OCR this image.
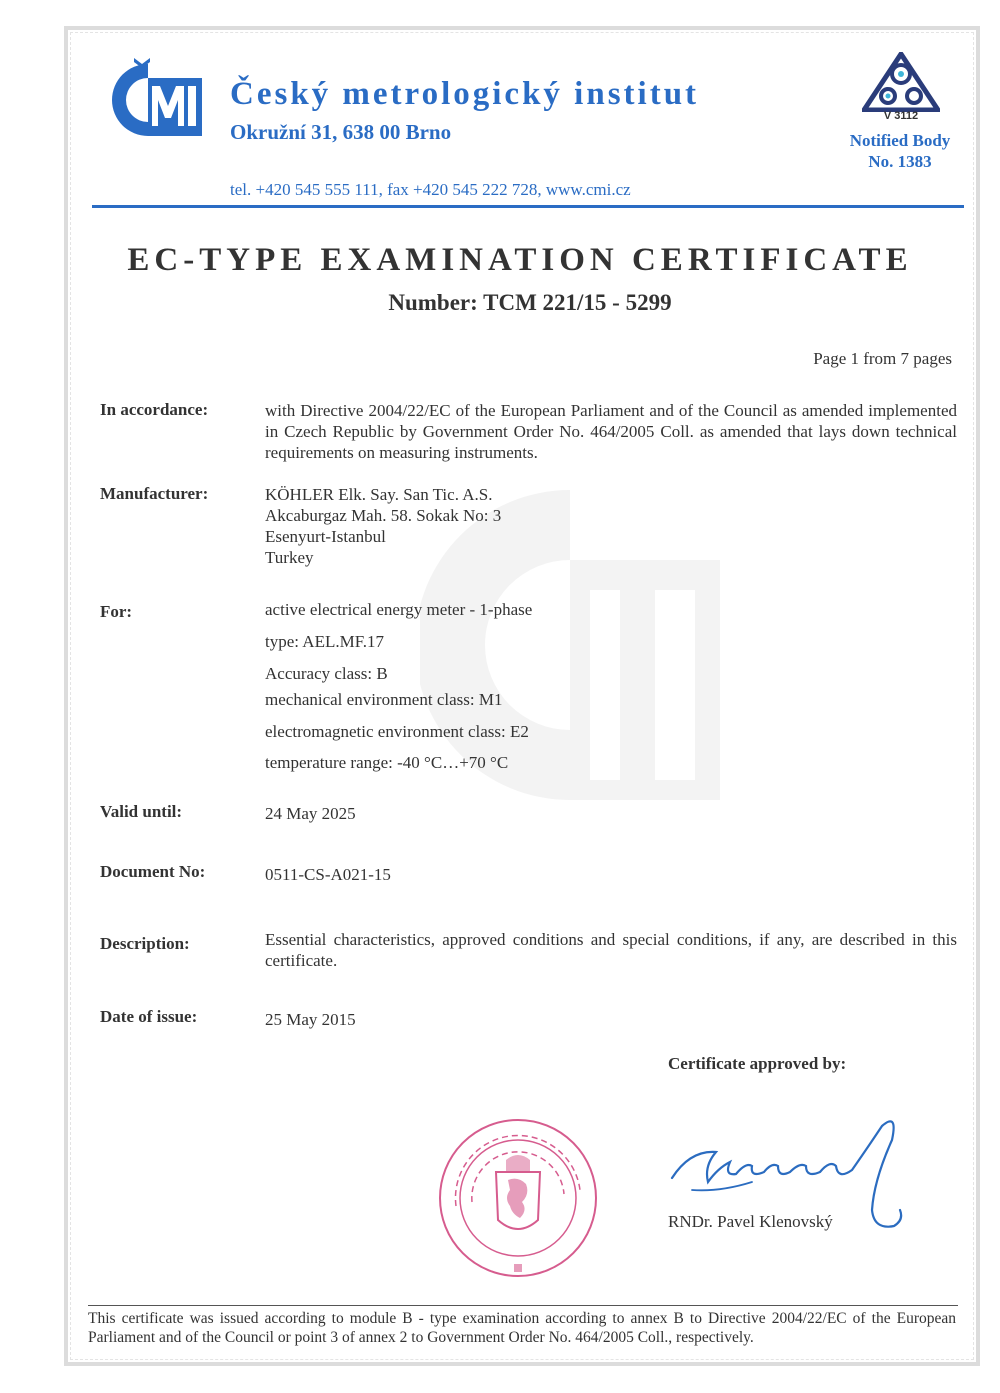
Český metrologický institut
Okružní 31, 638 00 Brno
tel. +420 545 555 111, fax +420 545 222 728, www.cmi.cz
V 3112
Notified Body
No. 1383
EC-TYPE EXAMINATION CERTIFICATE
Number: TCM 221/15 - 5299
Page 1 from 7 pages
In accordance:	with Directive 2004/22/EC of the European Parliament and of the Council as amended implemented in Czech Republic by Government Order No. 464/2005 Coll. as amended that lays down technical requirements on measuring instruments.
Manufacturer:	KÖHLER Elk. Say. San Tic. A.S.
Akcaburgaz Mah. 58. Sokak No: 3
Esenyurt-Istanbul
Turkey
For:	active electrical energy meter - 1-phase
type: AEL.MF.17
Accuracy class: B
mechanical environment class: M1
electromagnetic environment class: E2
temperature range: -40 °C…+70 °C
Valid until:	24 May 2025
Document No:	0511-CS-A021-15
Description:	Essential characteristics, approved conditions and special conditions, if any, are described in this certificate.
Date of issue:	25 May 2015
Certificate approved by:
RNDr. Pavel Klenovský
This certificate was issued according to module B - type examination according to annex B to Directive 2004/22/EC of the European Parliament and of the Council or point 3 of annex 2 to Government Order No. 464/2005 Coll., respectively.
